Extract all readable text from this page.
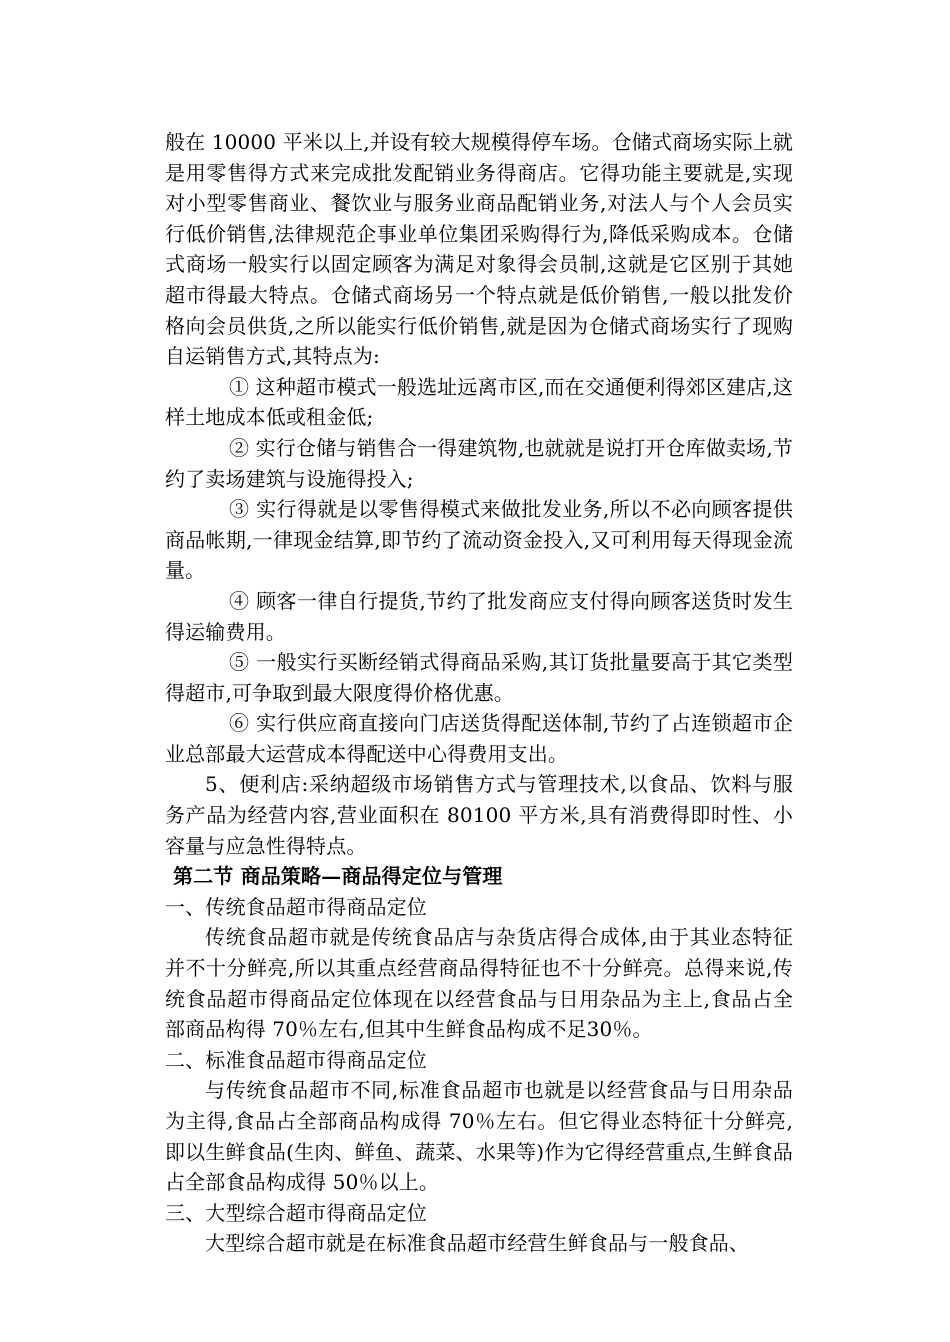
般在 10000 平米以上,并设有较大规模得停车场。仓储式商场实际上就是用零售得方式来完成批发配销业务得商店。它得功能主要就是,实现对小型零售商业、餐饮业与服务业商品配销业务,对法人与个人会员实行低价销售,法律规范企事业单位集团采购得行为,降低采购成本。仓储式商场一般实行以固定顾客为满足对象得会员制,这就是它区别于其她超市得最大特点。仓储式商场另一个特点就是低价销售,一般以批发价格向会员供货,之所以能实行低价销售,就是因为仓储式商场实行了现购自运销售方式,其特点为:

① 这种超市模式一般选址远离市区,而在交通便利得郊区建店,这样土地成本低或租金低;

② 实行仓储与销售合一得建筑物,也就就是说打开仓库做卖场,节约了卖场建筑与设施得投入;

③ 实行得就是以零售得模式来做批发业务,所以不必向顾客提供商品帐期,一律现金结算,即节约了流动资金投入,又可利用每天得现金流量。

④ 顾客一律自行提货,节约了批发商应支付得向顾客送货时发生得运输费用。

⑤ 一般实行买断经销式得商品采购,其订货批量要高于其它类型得超市,可争取到最大限度得价格优惠。

⑥ 实行供应商直接向门店送货得配送体制,节约了占连锁超市企业总部最大运营成本得配送中心得费用支出。

5、便利店:采纳超级市场销售方式与管理技术,以食品、饮料与服务产品为经营内容,营业面积在 80100 平方米,具有消费得即时性、小容量与应急性得特点。

第二节 商品策略—商品得定位与管理

一、传统食品超市得商品定位

传统食品超市就是传统食品店与杂货店得合成体,由于其业态特征并不十分鲜亮,所以其重点经营商品得特征也不十分鲜亮。总得来说,传统食品超市得商品定位体现在以经营食品与日用杂品为主上,食品占全部商品构得 70％左右,但其中生鲜食品构成不足30％。

二、标准食品超市得商品定位

与传统食品超市不同,标准食品超市也就是以经营食品与日用杂品为主得,食品占全部商品构成得 70％左右。但它得业态特征十分鲜亮,即以生鲜食品(生肉、鲜鱼、蔬菜、水果等)作为它得经营重点,生鲜食品占全部食品构成得 50％以上。

三、大型综合超市得商品定位

大型综合超市就是在标准食品超市经营生鲜食品与一般食品、
